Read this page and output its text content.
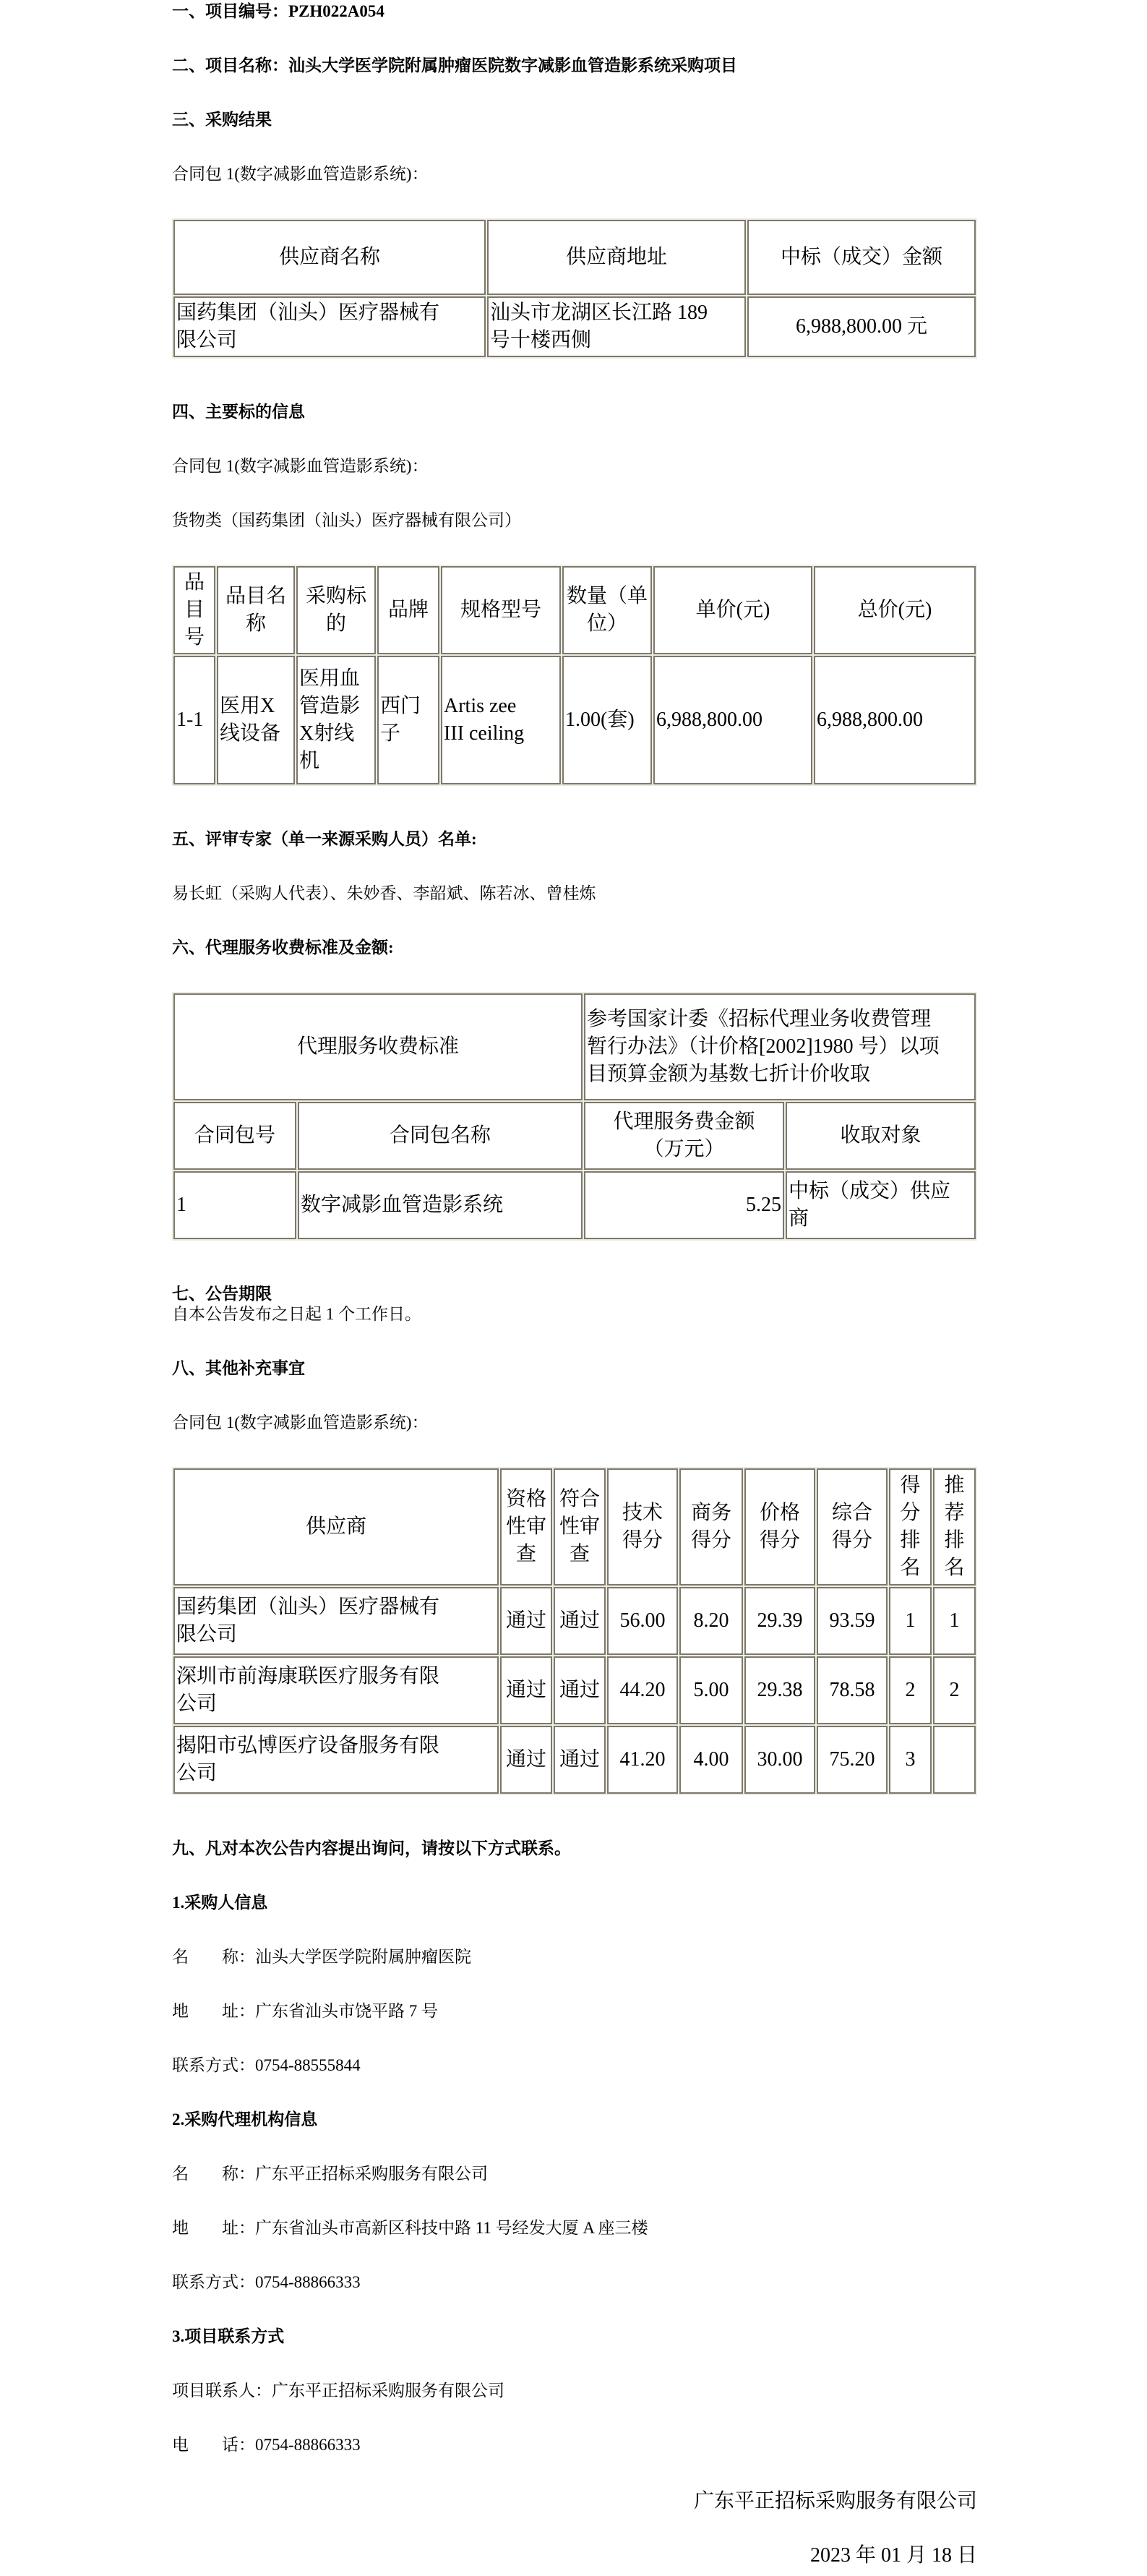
一、项目编号：PZH022A054

二、项目名称：汕头大学医学院附属肿瘤医院数字减影血管造影系统采购项目

三、采购结果

合同包 1(数字减影血管造影系统)：

供应商名称	供应商地址	中标（成交）金额
国药集团（汕头）医疗器械有限公司	汕头市龙湖区长江路 189 号十楼西侧	6,988,800.00 元

四、主要标的信息

合同包 1(数字减影血管造影系统)：

货物类（国药集团（汕头）医疗器械有限公司）

品目号	品目名称	采购标的	品牌	规格型号	数量（单位）	单价(元)	总价(元)
1-1	医用X线设备	医用血管造影X射线机	西门子	Artis zee III ceiling	1.00(套)	6,988,800.00	6,988,800.00

五、评审专家（单一来源采购人员）名单:

易长虹（采购人代表）、朱妙香、李韶斌、陈若冰、曾桂炼

六、代理服务收费标准及金额:

代理服务收费标准		参考国家计委《招标代理业务收费管理暂行办法》（计价格[2002]1980 号）以项目预算金额为基数七折计价收取	
合同包号	合同包名称	代理服务费金额（万元）	收取对象
1	数字减影血管造影系统	5.25	中标（成交）供应商

七、公告期限

自本公告发布之日起 1 个工作日。

八、其他补充事宜

合同包 1(数字减影血管造影系统)：

供应商	资格性审查	符合性审查	技术得分	商务得分	价格得分	综合得分	得分排名	推荐排名
国药集团（汕头）医疗器械有限公司	通过	通过	56.00	8.20	29.39	93.59	1	1
深圳市前海康联医疗服务有限公司	通过	通过	44.20	5.00	29.38	78.58	2	2
揭阳市弘博医疗设备服务有限公司	通过	通过	41.20	4.00	30.00	75.20	3	

九、凡对本次公告内容提出询问，请按以下方式联系。

1.采购人信息

名　　称：汕头大学医学院附属肿瘤医院

地　　址：广东省汕头市饶平路 7 号

联系方式：0754-88555844

2.采购代理机构信息

名　　称：广东平正招标采购服务有限公司

地　　址：广东省汕头市高新区科技中路 11 号经发大厦 A 座三楼

联系方式：0754-88866333

3.项目联系方式

项目联系人：广东平正招标采购服务有限公司

电　　话：0754-88866333

广东平正招标采购服务有限公司

2023 年 01 月 18 日
